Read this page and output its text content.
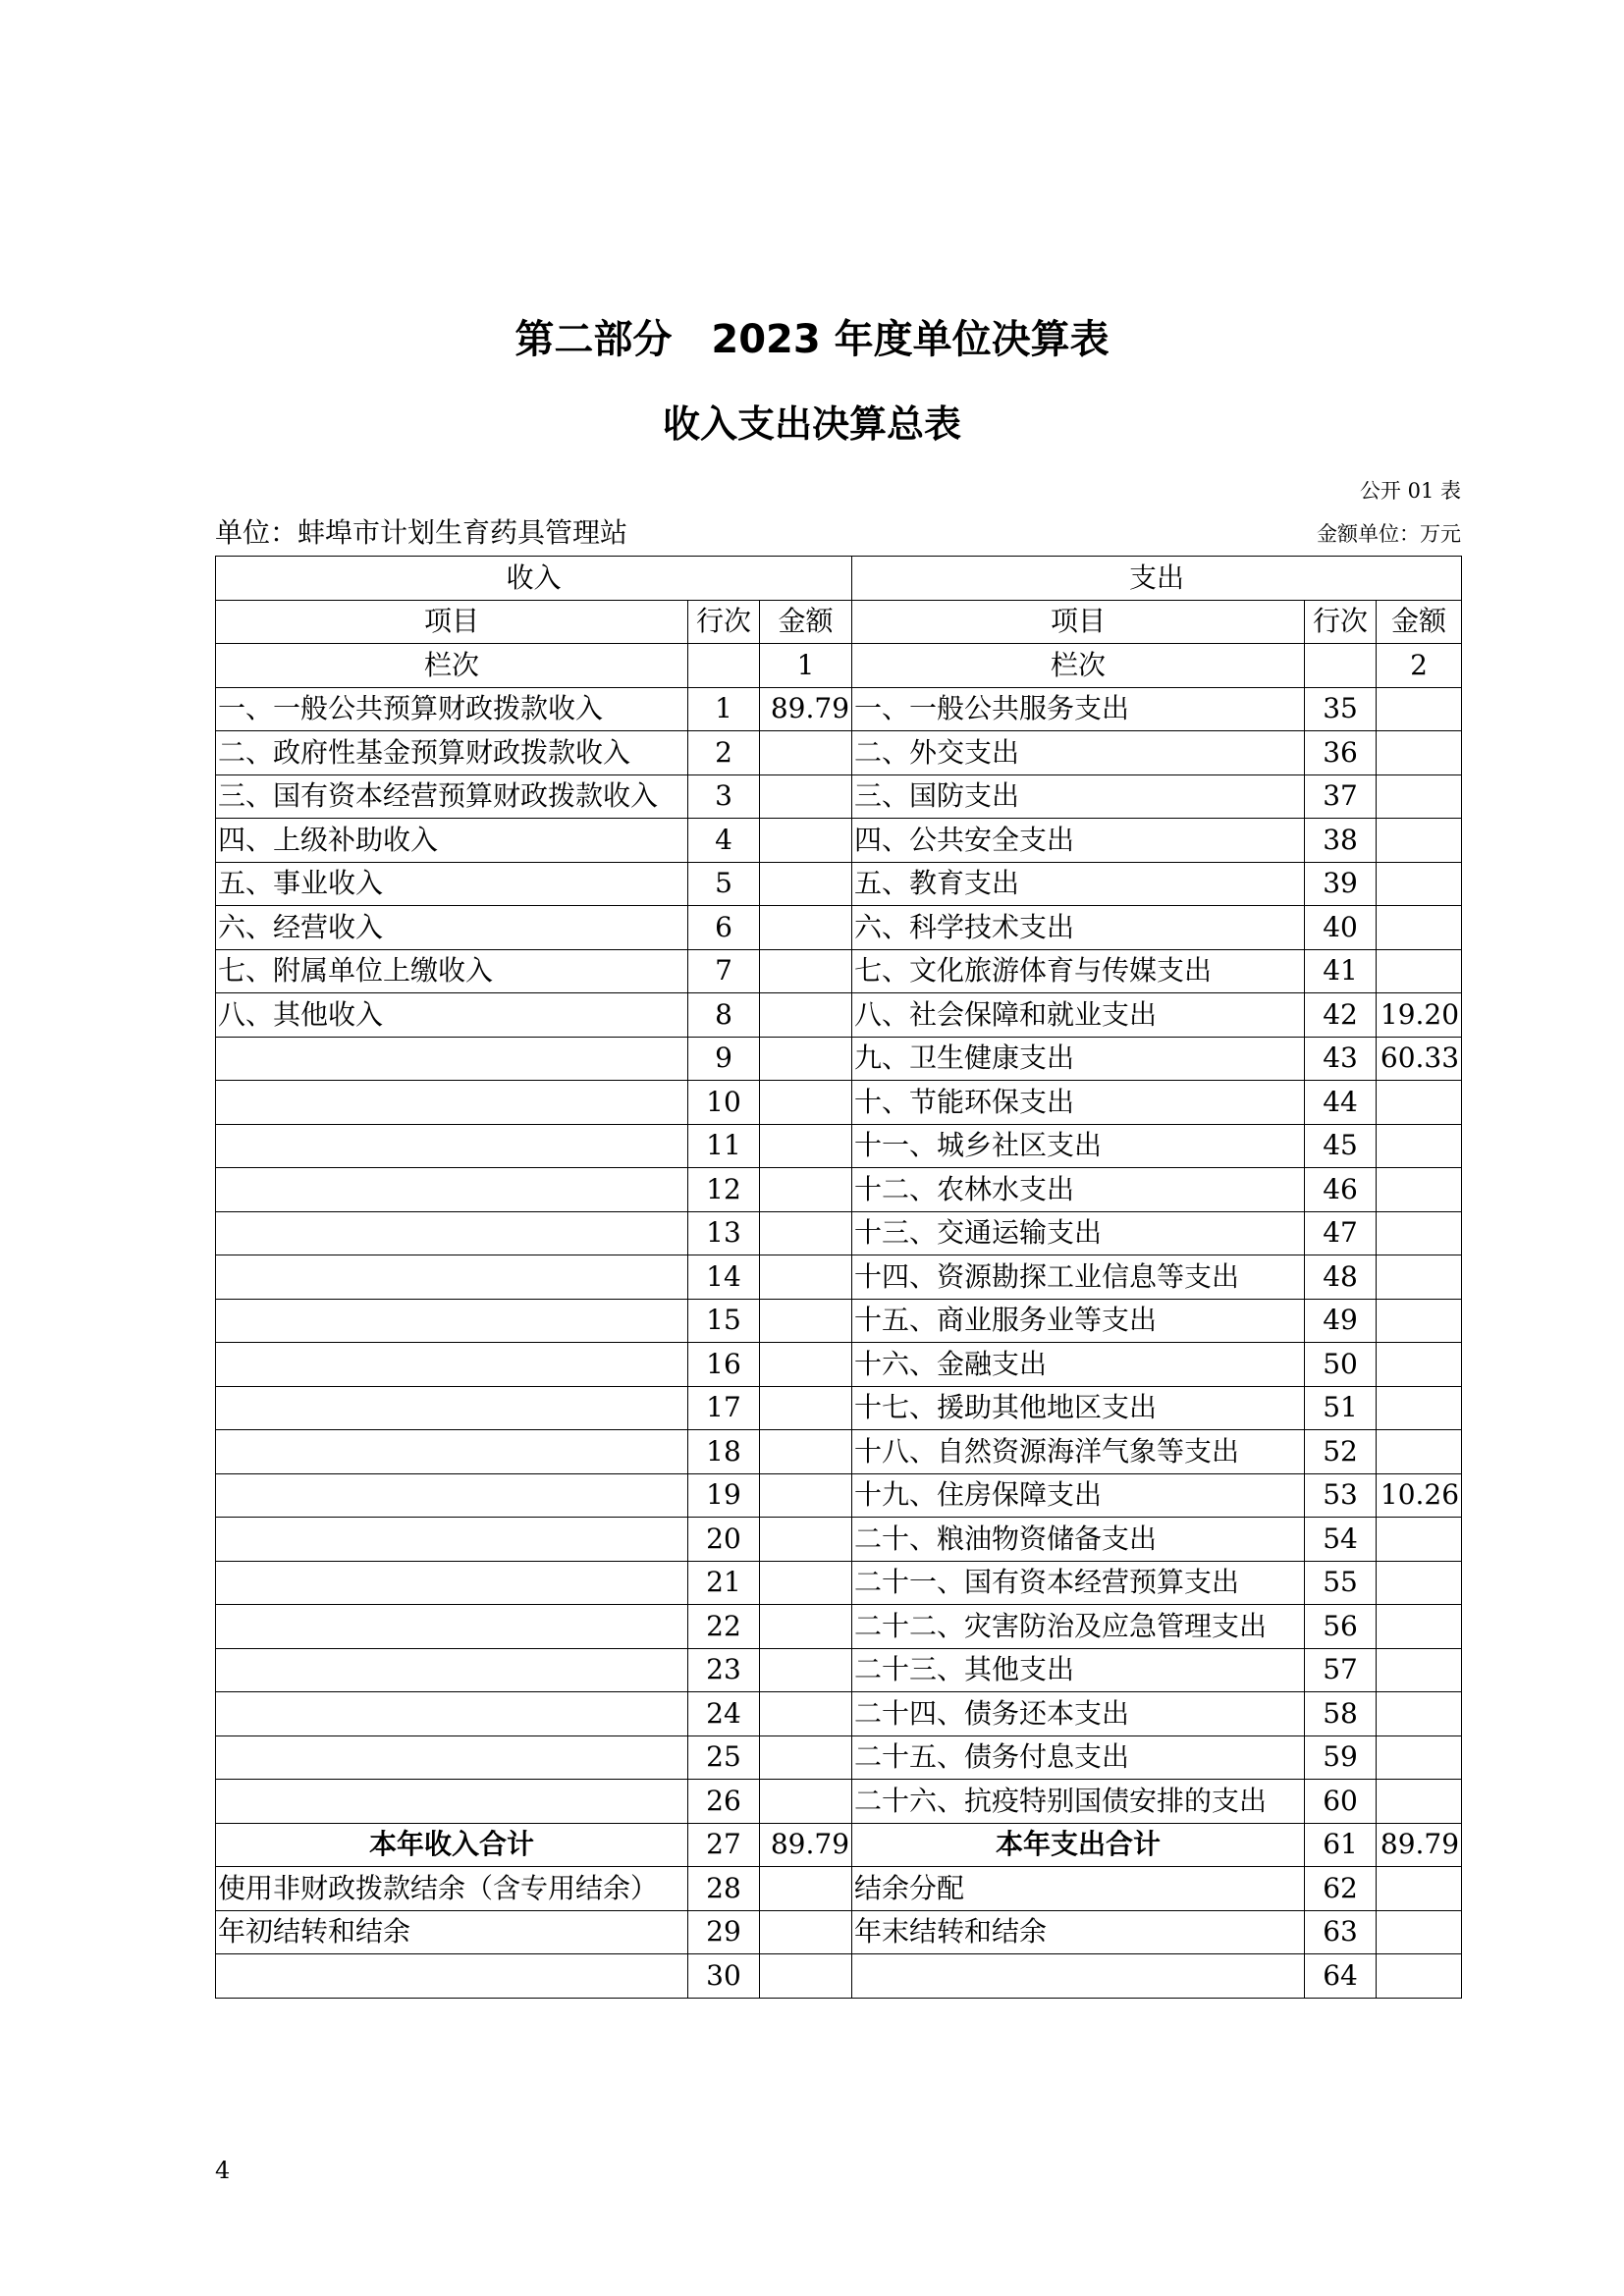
第二部分　2023 年度单位决算表
收入支出决算总表
公开 01 表
单位：蚌埠市计划生育药具管理站	金额单位：万元
收入			支出		
项目	行次	金额	项目	行次	金额
栏次		1	栏次		2
一、一般公共预算财政拨款收入	1	89.79	一、一般公共服务支出	35	
二、政府性基金预算财政拨款收入	2		二、外交支出	36	
三、国有资本经营预算财政拨款收入	3		三、国防支出	37	
四、上级补助收入	4		四、公共安全支出	38	
五、事业收入	5		五、教育支出	39	
六、经营收入	6		六、科学技术支出	40	
七、附属单位上缴收入	7		七、文化旅游体育与传媒支出	41	
八、其他收入	8		八、社会保障和就业支出	42	19.20
	9		九、卫生健康支出	43	60.33
	10		十、节能环保支出	44	
	11		十一、城乡社区支出	45	
	12		十二、农林水支出	46	
	13		十三、交通运输支出	47	
	14		十四、资源勘探工业信息等支出	48	
	15		十五、商业服务业等支出	49	
	16		十六、金融支出	50	
	17		十七、援助其他地区支出	51	
	18		十八、自然资源海洋气象等支出	52	
	19		十九、住房保障支出	53	10.26
	20		二十、粮油物资储备支出	54	
	21		二十一、国有资本经营预算支出	55	
	22		二十二、灾害防治及应急管理支出	56	
	23		二十三、其他支出	57	
	24		二十四、债务还本支出	58	
	25		二十五、债务付息支出	59	
	26		二十六、抗疫特别国债安排的支出	60	
本年收入合计	27	89.79	本年支出合计	61	89.79
使用非财政拨款结余（含专用结余）	28		结余分配	62	
年初结转和结余	29		年末结转和结余	63	
	30			64	
4
